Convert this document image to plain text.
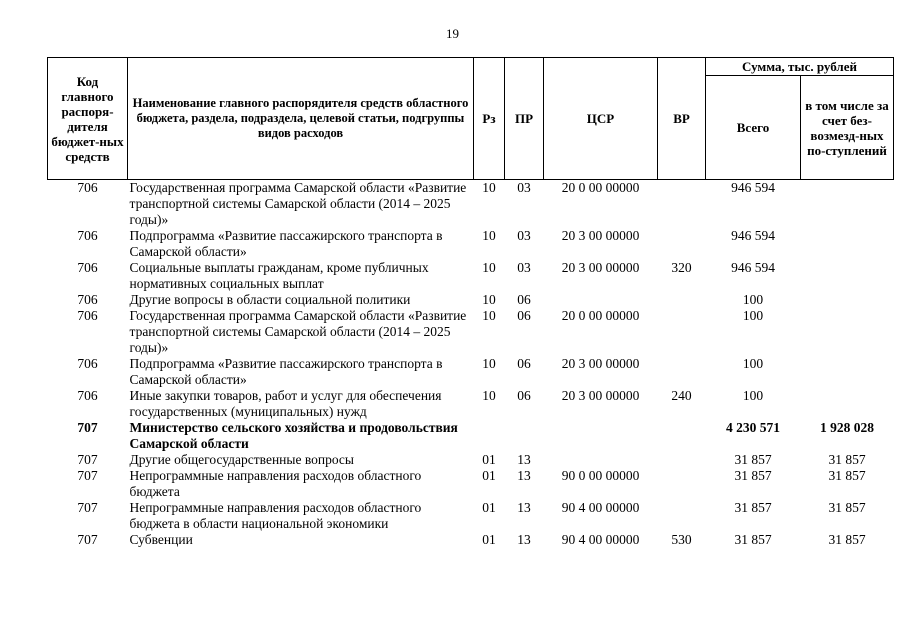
19
Код главного распоря-дителя бюджет-ных средств	Наименование главного распорядителя средств областного бюджета, раздела, подраздела, целевой статьи, подгруппы видов расходов	Рз	ПР	ЦСР	ВР	Сумма, тыс. рублей	
						Всего	в том числе за счет без-возмезд-ных по-ступлений
706	Государственная программа Самарской области «Развитие транспортной системы Самарской области (2014 – 2025 годы)»	10	03	20 0 00 00000		946 594	
706	Подпрограмма «Развитие пассажирского транспорта в Самарской области»	10	03	20 3 00 00000		946 594	
706	Социальные выплаты гражданам, кроме публичных нормативных социальных выплат	10	03	20 3 00 00000	320	946 594	
706	Другие вопросы в области социальной политики	10	06			100	
706	Государственная программа Самарской области «Развитие транспортной системы Самарской области (2014 – 2025 годы)»	10	06	20 0 00 00000		100	
706	Подпрограмма «Развитие пассажирского транспорта в Самарской области»	10	06	20 3 00 00000		100	
706	Иные закупки товаров, работ и услуг для обеспечения государственных (муниципальных) нужд	10	06	20 3 00 00000	240	100	
707	Министерство сельского хозяйства и продовольствия Самарской области					4 230 571	1 928 028
707	Другие общегосударственные вопросы	01	13			31 857	31 857
707	Непрограммные направления расходов областного бюджета	01	13	90 0 00 00000		31 857	31 857
707	Непрограммные направления расходов областного бюджета в области национальной экономики	01	13	90 4 00 00000		31 857	31 857
707	Субвенции	01	13	90 4 00 00000	530	31 857	31 857
